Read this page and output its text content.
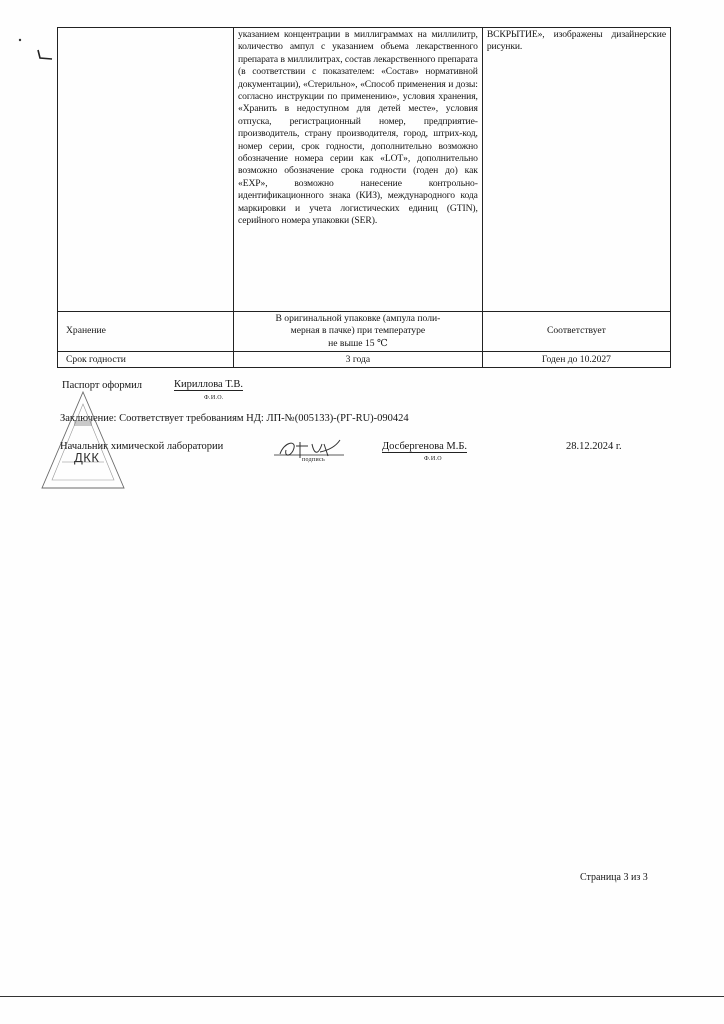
	указанием концентрации в миллиграммах на миллилитр, количество ампул с указанием объема лекарственного препарата в миллилитрах, состав лекарственного препарата (в соответствии с показателем: «Состав» нормативной документации), «Стерильно», «Способ применения и дозы: согласно инструкции по применению», условия хранения, «Хранить в недоступном для детей месте», условия отпуска, регистрационный номер, предприятие-производитель, страну производителя, город, штрих-код, номер серии, срок годности, дополнительно возможно обозначение номера серии как «LOT», дополнительно возможно обозначение срока годности (годен до) как «EXP», возможно нанесение контрольно-идентификационного знака (КИЗ), международного кода маркировки и учета логистических единиц (GTIN), серийного номера упаковки (SER).	ВСКРЫТИЕ», изображены дизайнерские рисунки.
Хранение	В оригинальной упаковке (ампула поли-
мерная в пачке) при температуре
не выше 15 ℃	Соответствует
Срок годности	3 года	Годен до 10.2027
Паспорт оформил	Кириллова Т.В.
Ф.И.О.
Заключение: Соответствует требованиям НД: ЛП-№(005133)-(РГ-RU)-090424
Начальник химической лаборатории
подпись
Досбергенова М.Б.
Ф.И.О
28.12.2024 г.
ДКК
Страница 3 из 3
